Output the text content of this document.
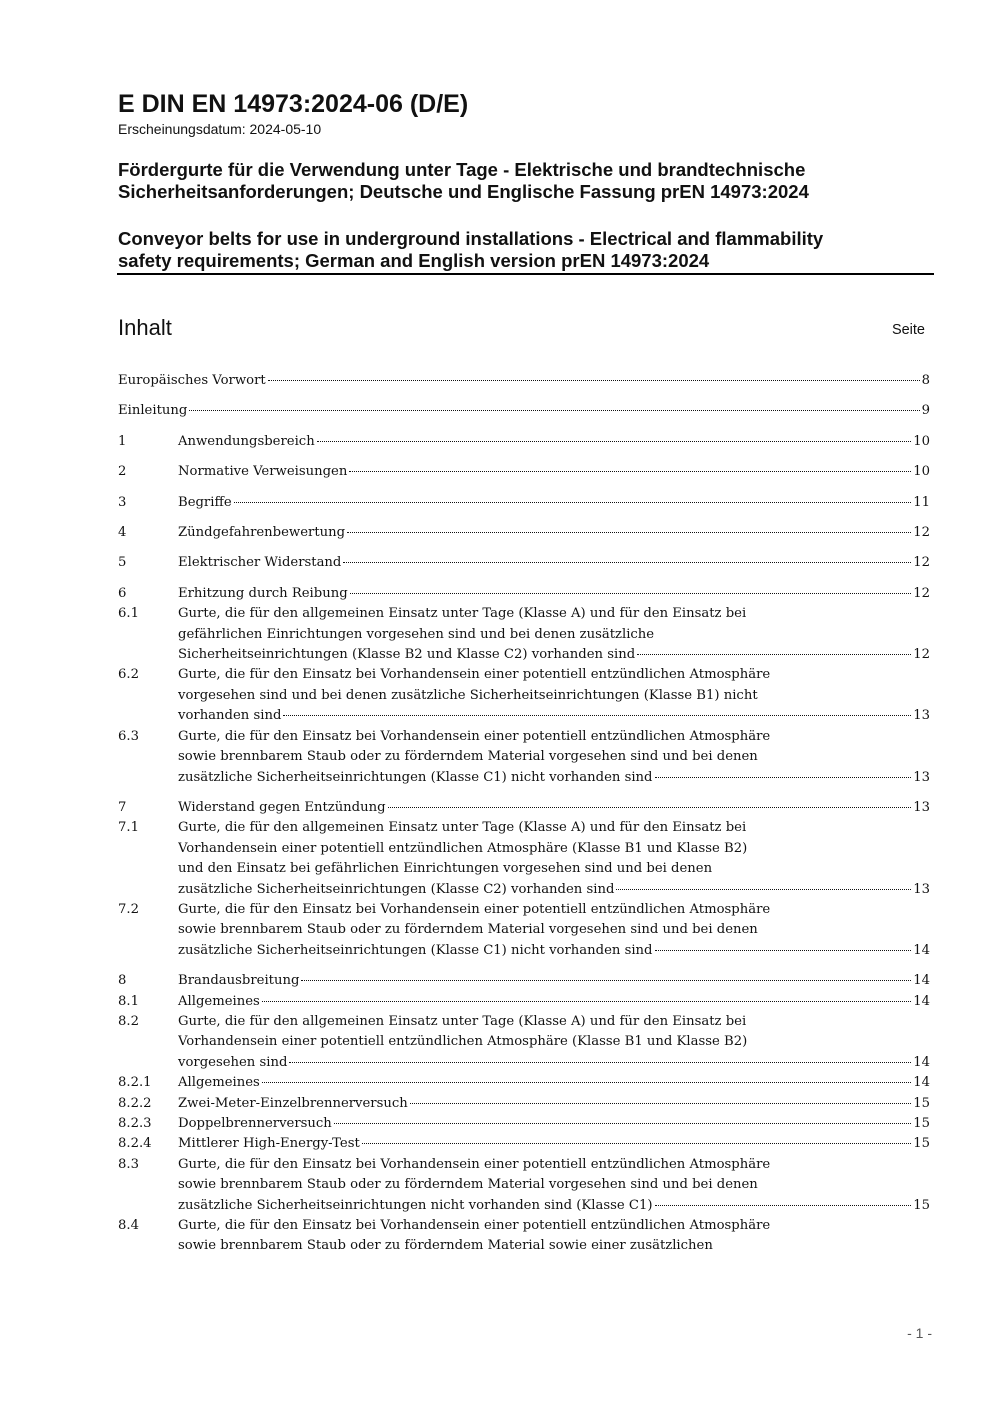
E DIN EN 14973:2024-06 (D/E)
Erscheinungsdatum: 2024-05-10
Fördergurte für die Verwendung unter Tage - Elektrische und brandtechnische
Sicherheitsanforderungen; Deutsche und Englische Fassung prEN 14973:2024
Conveyor belts for use in underground installations - Electrical and flammability
safety requirements; German and English version prEN 14973:2024
Inhalt	Seite
Europäisches Vorwort	8
Einleitung	9
1	Anwendungsbereich	10
2	Normative Verweisungen	10
3	Begriffe	11
4	Zündgefahrenbewertung	12
5	Elektrischer Widerstand	12
6	Erhitzung durch Reibung	12
6.1	Gurte, die für den allgemeinen Einsatz unter Tage (Klasse A) und für den Einsatz bei
gefährlichen Einrichtungen vorgesehen sind und bei denen zusätzliche
Sicherheitseinrichtungen (Klasse B2 und Klasse C2) vorhanden sind	12
6.2	Gurte, die für den Einsatz bei Vorhandensein einer potentiell entzündlichen Atmosphäre
vorgesehen sind und bei denen zusätzliche Sicherheitseinrichtungen (Klasse B1) nicht
vorhanden sind	13
6.3	Gurte, die für den Einsatz bei Vorhandensein einer potentiell entzündlichen Atmosphäre
sowie brennbarem Staub oder zu förderndem Material vorgesehen sind und bei denen
zusätzliche Sicherheitseinrichtungen (Klasse C1) nicht vorhanden sind	13
7	Widerstand gegen Entzündung	13
7.1	Gurte, die für den allgemeinen Einsatz unter Tage (Klasse A) und für den Einsatz bei
Vorhandensein einer potentiell entzündlichen Atmosphäre (Klasse B1 und Klasse B2)
und den Einsatz bei gefährlichen Einrichtungen vorgesehen sind und bei denen
zusätzliche Sicherheitseinrichtungen (Klasse C2) vorhanden sind	13
7.2	Gurte, die für den Einsatz bei Vorhandensein einer potentiell entzündlichen Atmosphäre
sowie brennbarem Staub oder zu förderndem Material vorgesehen sind und bei denen
zusätzliche Sicherheitseinrichtungen (Klasse C1) nicht vorhanden sind	14
8	Brandausbreitung	14
8.1	Allgemeines	14
8.2	Gurte, die für den allgemeinen Einsatz unter Tage (Klasse A) und für den Einsatz bei
Vorhandensein einer potentiell entzündlichen Atmosphäre (Klasse B1 und Klasse B2)
vorgesehen sind	14
8.2.1 Allgemeines	14
8.2.2 Zwei-Meter-Einzelbrennerversuch	15
8.2.3 Doppelbrennerversuch	15
8.2.4 Mittlerer High-Energy-Test	15
8.3	Gurte, die für den Einsatz bei Vorhandensein einer potentiell entzündlichen Atmosphäre
sowie brennbarem Staub oder zu förderndem Material vorgesehen sind und bei denen
zusätzliche Sicherheitseinrichtungen nicht vorhanden sind (Klasse C1)	15
8.4	Gurte, die für den Einsatz bei Vorhandensein einer potentiell entzündlichen Atmosphäre
sowie brennbarem Staub oder zu förderndem Material sowie einer zusätzlichen
- 1 -
